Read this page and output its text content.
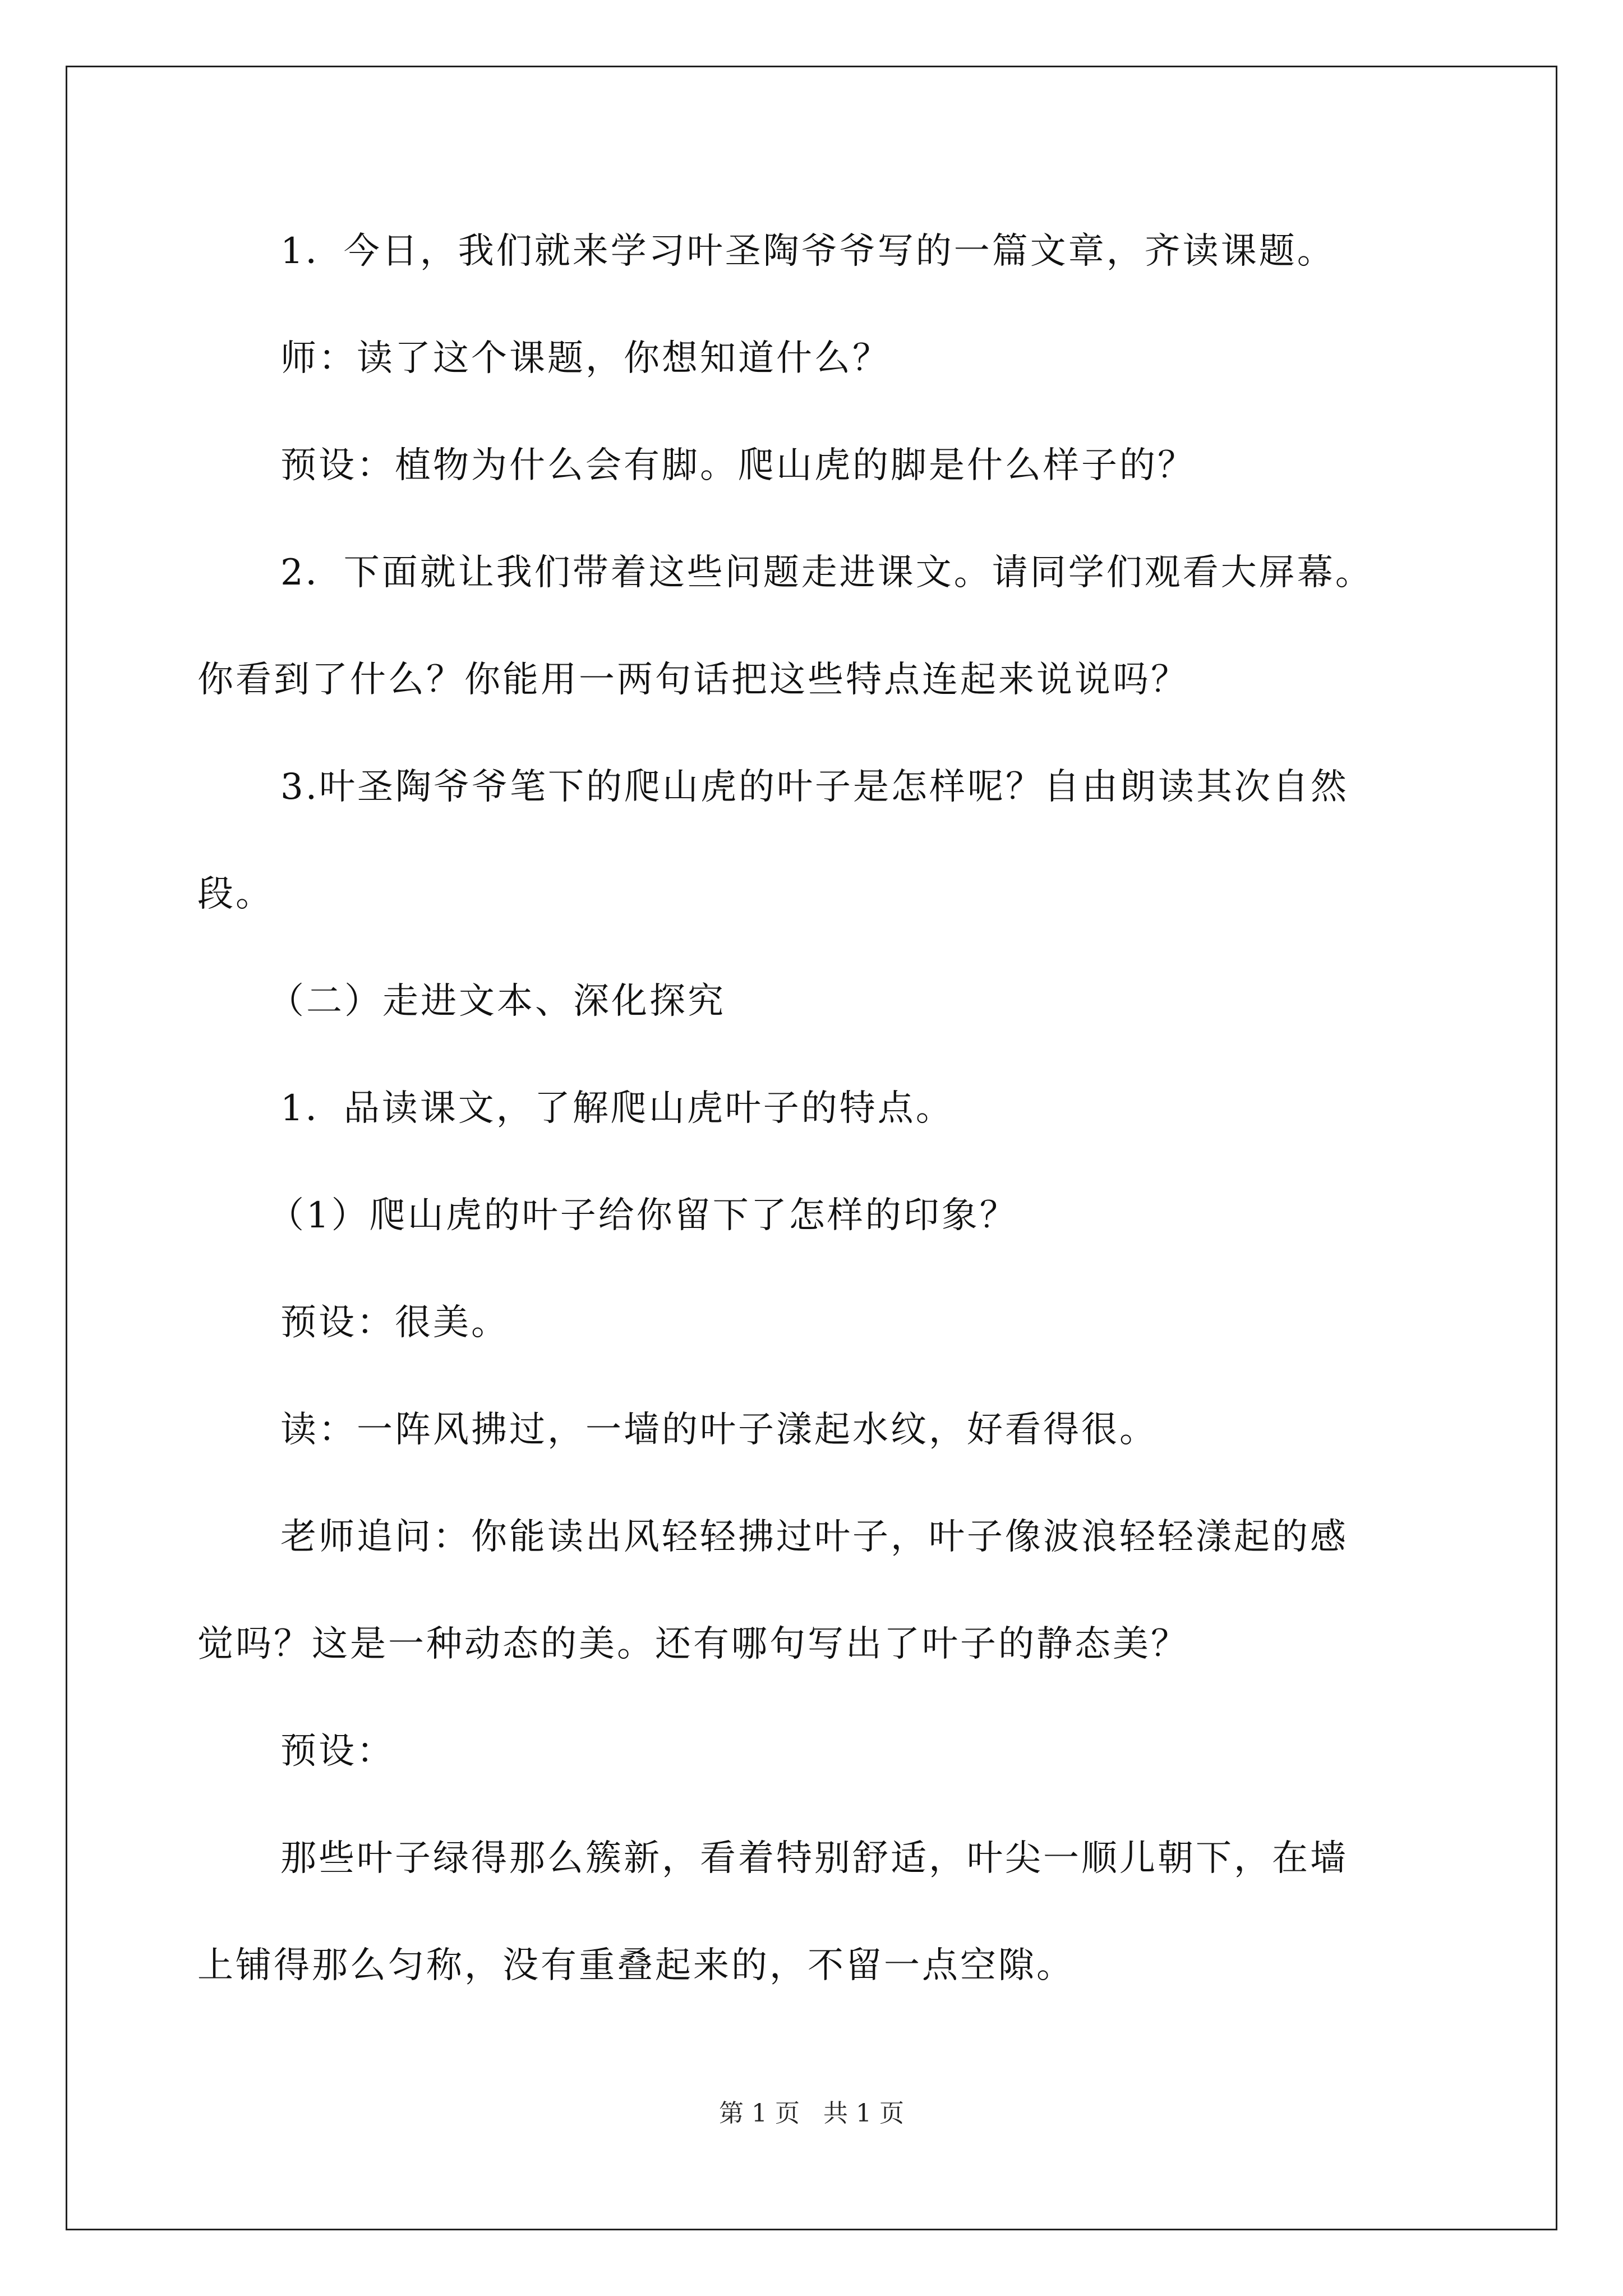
1．今日，我们就来学习叶圣陶爷爷写的一篇文章，齐读课题。
师：读了这个课题，你想知道什么？
预设：植物为什么会有脚。爬山虎的脚是什么样子的？
2．下面就让我们带着这些问题走进课文。请同学们观看大屏幕。
你看到了什么？你能用一两句话把这些特点连起来说说吗？
3.叶圣陶爷爷笔下的爬山虎的叶子是怎样呢？自由朗读其次自然
段。
（二）走进文本、深化探究
1．品读课文，了解爬山虎叶子的特点。
（1）爬山虎的叶子给你留下了怎样的印象？
预设：很美。
读：一阵风拂过，一墙的叶子漾起水纹，好看得很。
老师追问：你能读出风轻轻拂过叶子，叶子像波浪轻轻漾起的感
觉吗？这是一种动态的美。还有哪句写出了叶子的静态美？
预设：
那些叶子绿得那么簇新，看着特别舒适，叶尖一顺儿朝下，在墙
上铺得那么匀称，没有重叠起来的，不留一点空隙。
第 1 页   共 1 页
